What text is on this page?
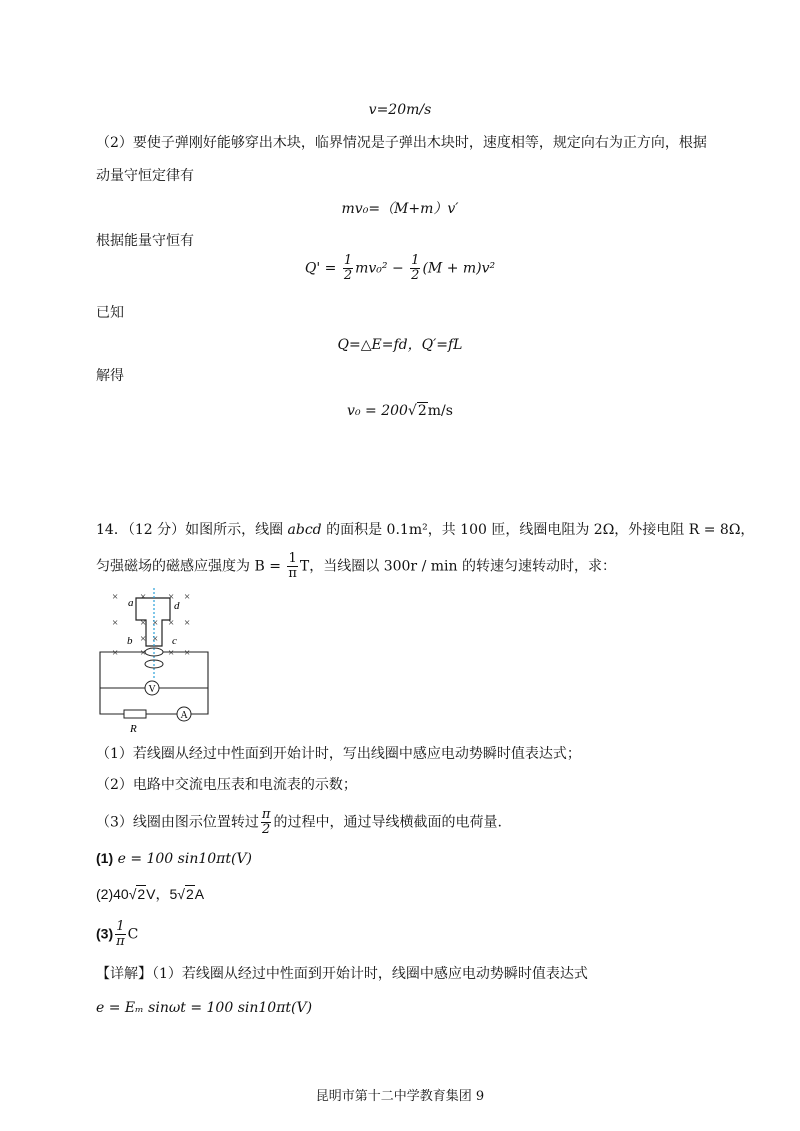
v=20m/s
（2）要使子弹刚好能够穿出木块，临界情况是子弹出木块时，速度相等，规定向右为正方向，根据
动量守恒定律有
mv₀=（M+m）v′
根据能量守恒有
$Q' = \frac{1}{2} mv_0^2 - \frac{1}{2} (M + m)v^2$
已知
Q=△E=fd，Q′=fL
解得
v₀ = 200√2m/s
14．（12 分）如图所示，线圈 abcd 的面积是 0.1m²，共 100 匝，线圈电阻为 2Ω，外接电阻 R = 8Ω，
匀强磁场的磁感应强度为 $B = \frac{1}{\pi}$ T，当线圈以 300r / min 的转速匀速转动时，求：
× × × ×
× × × × ×
× ×
× × × ×
V
R
A
a	d
b	c
（1）若线圈从经过中性面到开始计时，写出线圈中感应电动势瞬时值表达式；
（2）电路中交流电压表和电流表的示数；
（3）线圈由图示位置转过 $\frac{\pi}{2}$ 的过程中，通过导线横截面的电荷量.
(1) e = 100 sin10πt(V)
(2)40√2V，5√2A
$(3) \frac{1}{\pi}$ C
【详解】（1）若线圈从经过中性面到开始计时，线圈中感应电动势瞬时值表达式
e = Eₘ sinωt = 100 sin10πt(V)
昆明市第十二中学教育集团 9
